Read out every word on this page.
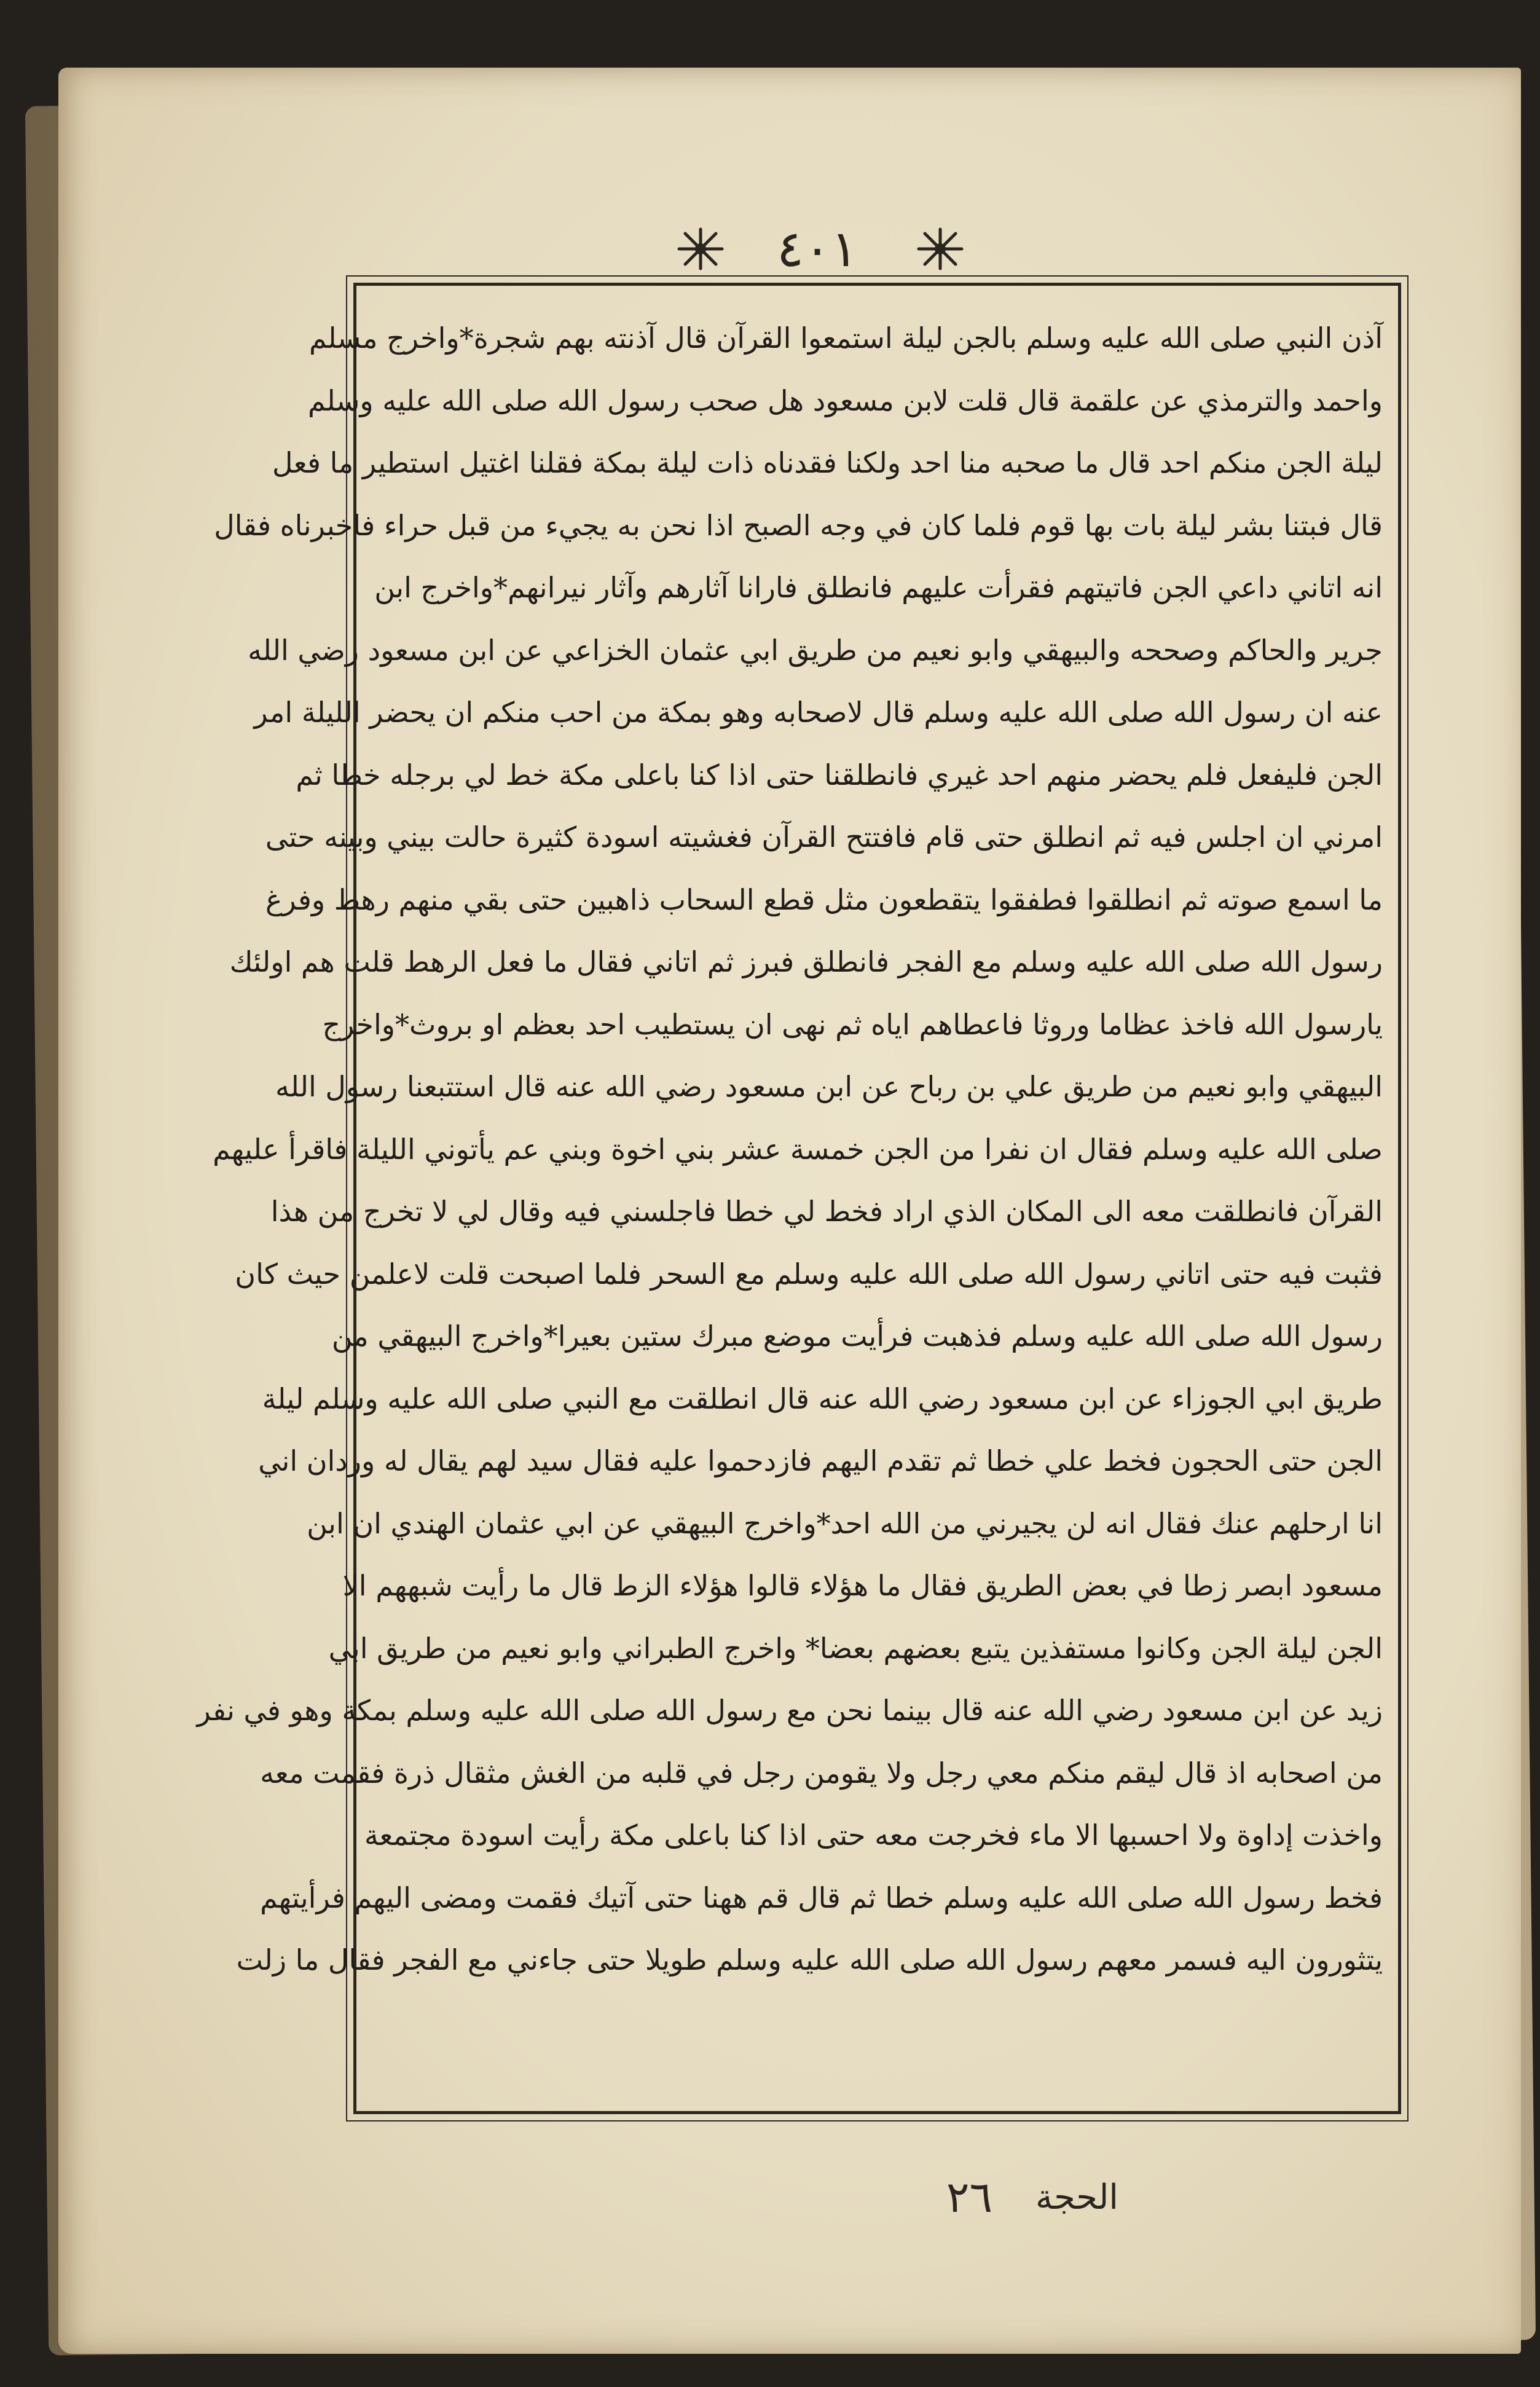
٤٠١
آذن النبي صلى الله عليه وسلم بالجن ليلة استمعوا القرآن قال آذنته بهم شجرة*واخرج مسلم
واحمد والترمذي عن علقمة قال قلت لابن مسعود هل صحب رسول الله صلى الله عليه وسلم
ليلة الجن منكم احد قال ما صحبه منا احد ولكنا فقدناه ذات ليلة بمكة فقلنا اغتيل استطير ما فعل
قال فبتنا بشر ليلة بات بها قوم فلما كان في وجه الصبح اذا نحن به يجيء من قبل حراء فاخبرناه فقال
انه اتاني داعي الجن فاتيتهم فقرأت عليهم فانطلق فارانا آثارهم وآثار نيرانهم*واخرج ابن
جرير والحاكم وصححه والبيهقي وابو نعيم من طريق ابي عثمان الخزاعي عن ابن مسعود رضي الله
عنه ان رسول الله صلى الله عليه وسلم قال لاصحابه وهو بمكة من احب منكم ان يحضر الليلة امر
الجن فليفعل فلم يحضر منهم احد غيري فانطلقنا حتى اذا كنا باعلى مكة خط لي برجله خطا ثم
امرني ان اجلس فيه ثم انطلق حتى قام فافتتح القرآن فغشيته اسودة كثيرة حالت بيني وبينه حتى
ما اسمع صوته ثم انطلقوا فطفقوا يتقطعون مثل قطع السحاب ذاهبين حتى بقي منهم رهط وفرغ
رسول الله صلى الله عليه وسلم مع الفجر فانطلق فبرز ثم اتاني فقال ما فعل الرهط قلت هم اولئك
يارسول الله فاخذ عظاما وروثا فاعطاهم اياه ثم نهى ان يستطيب احد بعظم او بروث*واخرج
البيهقي وابو نعيم من طريق علي بن رباح عن ابن مسعود رضي الله عنه قال استتبعنا رسول الله
صلى الله عليه وسلم فقال ان نفرا من الجن خمسة عشر بني اخوة وبني عم يأتوني الليلة فاقرأ عليهم
القرآن فانطلقت معه الى المكان الذي اراد فخط لي خطا فاجلسني فيه وقال لي لا تخرج من هذا
فثبت فيه حتى اتاني رسول الله صلى الله عليه وسلم مع السحر فلما اصبحت قلت لاعلمن حيث كان
رسول الله صلى الله عليه وسلم فذهبت فرأيت موضع مبرك ستين بعيرا*واخرج البيهقي من
طريق ابي الجوزاء عن ابن مسعود رضي الله عنه قال انطلقت مع النبي صلى الله عليه وسلم ليلة
الجن حتى الحجون فخط علي خطا ثم تقدم اليهم فازدحموا عليه فقال سيد لهم يقال له وردان اني
انا ارحلهم عنك فقال انه لن يجيرني من الله احد*واخرج البيهقي عن ابي عثمان الهندي ان ابن
مسعود ابصر زطا في بعض الطريق فقال ما هؤلاء قالوا هؤلاء الزط قال ما رأيت شبههم الا
الجن ليلة الجن وكانوا مستفذين يتبع بعضهم بعضا* واخرج الطبراني وابو نعيم من طريق ابي
زيد عن ابن مسعود رضي الله عنه قال بينما نحن مع رسول الله صلى الله عليه وسلم بمكة وهو في نفر
من اصحابه اذ قال ليقم منكم معي رجل ولا يقومن رجل في قلبه من الغش مثقال ذرة فقمت معه
واخذت إداوة ولا احسبها الا ماء فخرجت معه حتى اذا كنا باعلى مكة رأيت اسودة مجتمعة
فخط رسول الله صلى الله عليه وسلم خطا ثم قال قم ههنا حتى آتيك فقمت ومضى اليهم فرأيتهم
يتثورون اليه فسمر معهم رسول الله صلى الله عليه وسلم طويلا حتى جاءني مع الفجر فقال ما زلت
الحجة
٢٦
